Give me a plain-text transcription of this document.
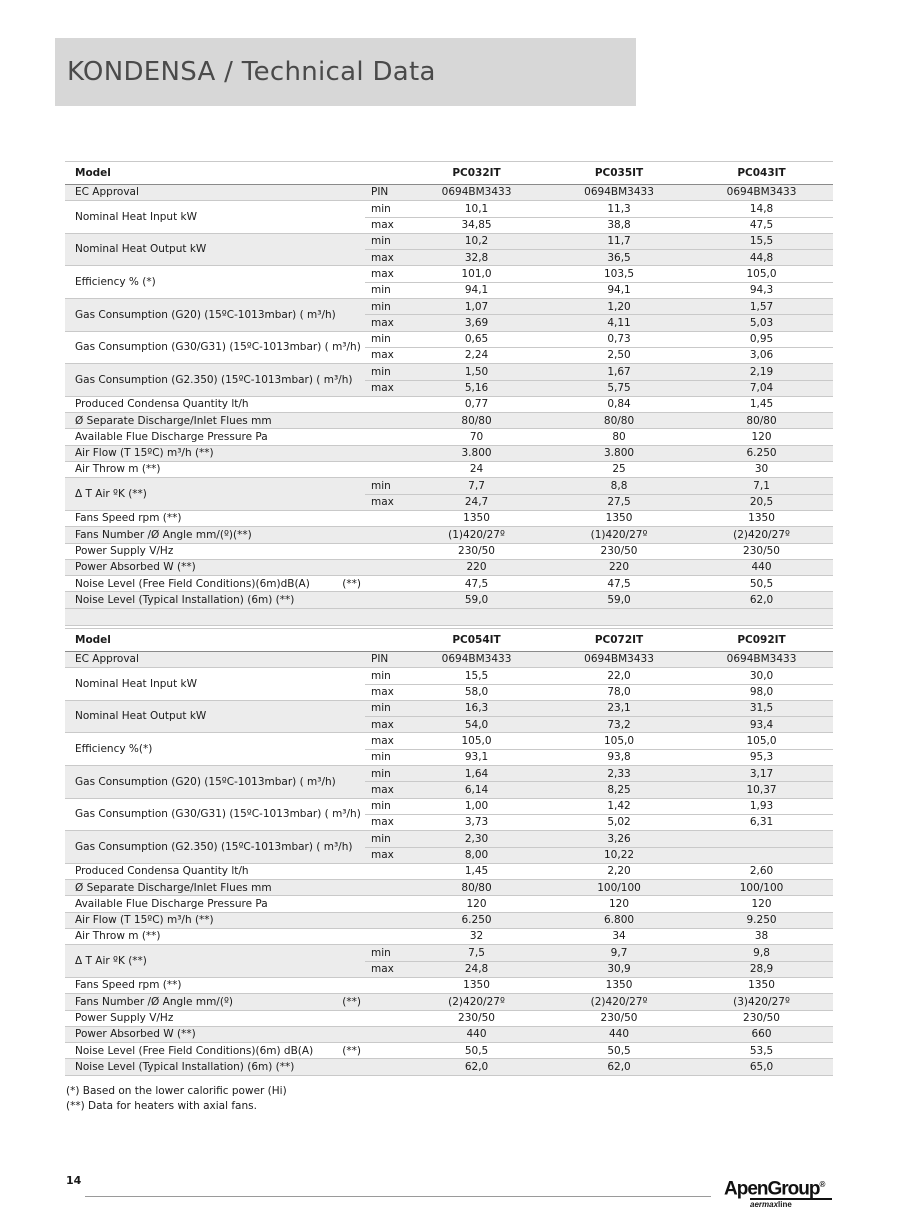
KONDENSA / Technical Data
Model			PC032IT	PC035IT	PC043IT
EC Approval		PIN	0694BM3433	0694BM3433	0694BM3433
Nominal Heat Input kW		min	10,1	11,3	14,8
		max	34,85	38,8	47,5
Nominal Heat Output kW		min	10,2	11,7	15,5
		max	32,8	36,5	44,8
Efficiency % (*)		max	101,0	103,5	105,0
		min	94,1	94,1	94,3
Gas Consumption (G20) (15ºC-1013mbar) ( m³/h)		min	1,07	1,20	1,57
		max	3,69	4,11	5,03
Gas Consumption (G30/G31) (15ºC-1013mbar) ( m³/h)		min	0,65	0,73	0,95
		max	2,24	2,50	3,06
Gas Consumption (G2.350) (15ºC-1013mbar) ( m³/h)		min	1,50	1,67	2,19
		max	5,16	5,75	7,04
Produced Condensa Quantity lt/h			0,77	0,84	1,45
Ø Separate Discharge/Inlet Flues mm			80/80	80/80	80/80
Available Flue Discharge Pressure Pa			70	80	120
Air Flow (T 15ºC) m³/h (**)			3.800	3.800	6.250
Air Throw m (**)			24	25	30
Δ T Air ºK (**)		min	7,7	8,8	7,1
		max	24,7	27,5	20,5
Fans Speed rpm (**)			1350	1350	1350
Fans Number /Ø Angle mm/(º)(**)			(1)420/27º	(1)420/27º	(2)420/27º
Power Supply V/Hz			230/50	230/50	230/50
Power Absorbed W (**)			220	220	440
Noise Level (Free Field Conditions)(6m)dB(A)	(**)		47,5	47,5	50,5
Noise Level (Typical Installation) (6m) (**)			59,0	59,0	62,0

Model			PC054IT	PC072IT	PC092IT
EC Approval		PIN	0694BM3433	0694BM3433	0694BM3433
Nominal Heat Input kW		min	15,5	22,0	30,0
		max	58,0	78,0	98,0
Nominal Heat Output kW		min	16,3	23,1	31,5
		max	54,0	73,2	93,4
Efficiency %(*)		max	105,0	105,0	105,0
		min	93,1	93,8	95,3
Gas Consumption (G20) (15ºC-1013mbar) ( m³/h)		min	1,64	2,33	3,17
		max	6,14	8,25	10,37
Gas Consumption (G30/G31) (15ºC-1013mbar) ( m³/h)		min	1,00	1,42	1,93
		max	3,73	5,02	6,31
Gas Consumption (G2.350) (15ºC-1013mbar) ( m³/h)		min	2,30	3,26	
		max	8,00	10,22	
Produced Condensa Quantity lt/h			1,45	2,20	2,60
Ø Separate Discharge/Inlet Flues mm			80/80	100/100	100/100
Available Flue Discharge Pressure Pa			120	120	120
Air Flow (T 15ºC) m³/h (**)			6.250	6.800	9.250
Air Throw m (**)			32	34	38
Δ T Air ºK (**)		min	7,5	9,7	9,8
		max	24,8	30,9	28,9
Fans Speed rpm (**)			1350	1350	1350
Fans Number /Ø Angle mm/(º)	(**)		(2)420/27º	(2)420/27º	(3)420/27º
Power Supply V/Hz			230/50	230/50	230/50
Power Absorbed W (**)			440	440	660
Noise Level (Free Field Conditions)(6m) dB(A)	(**)		50,5	50,5	53,5
Noise Level (Typical Installation) (6m) (**)			62,0	62,0	65,0
(*) Based on the lower calorific power (Hi)
(**) Data for heaters with axial fans.
14	ApenGroup®
aermaxline
